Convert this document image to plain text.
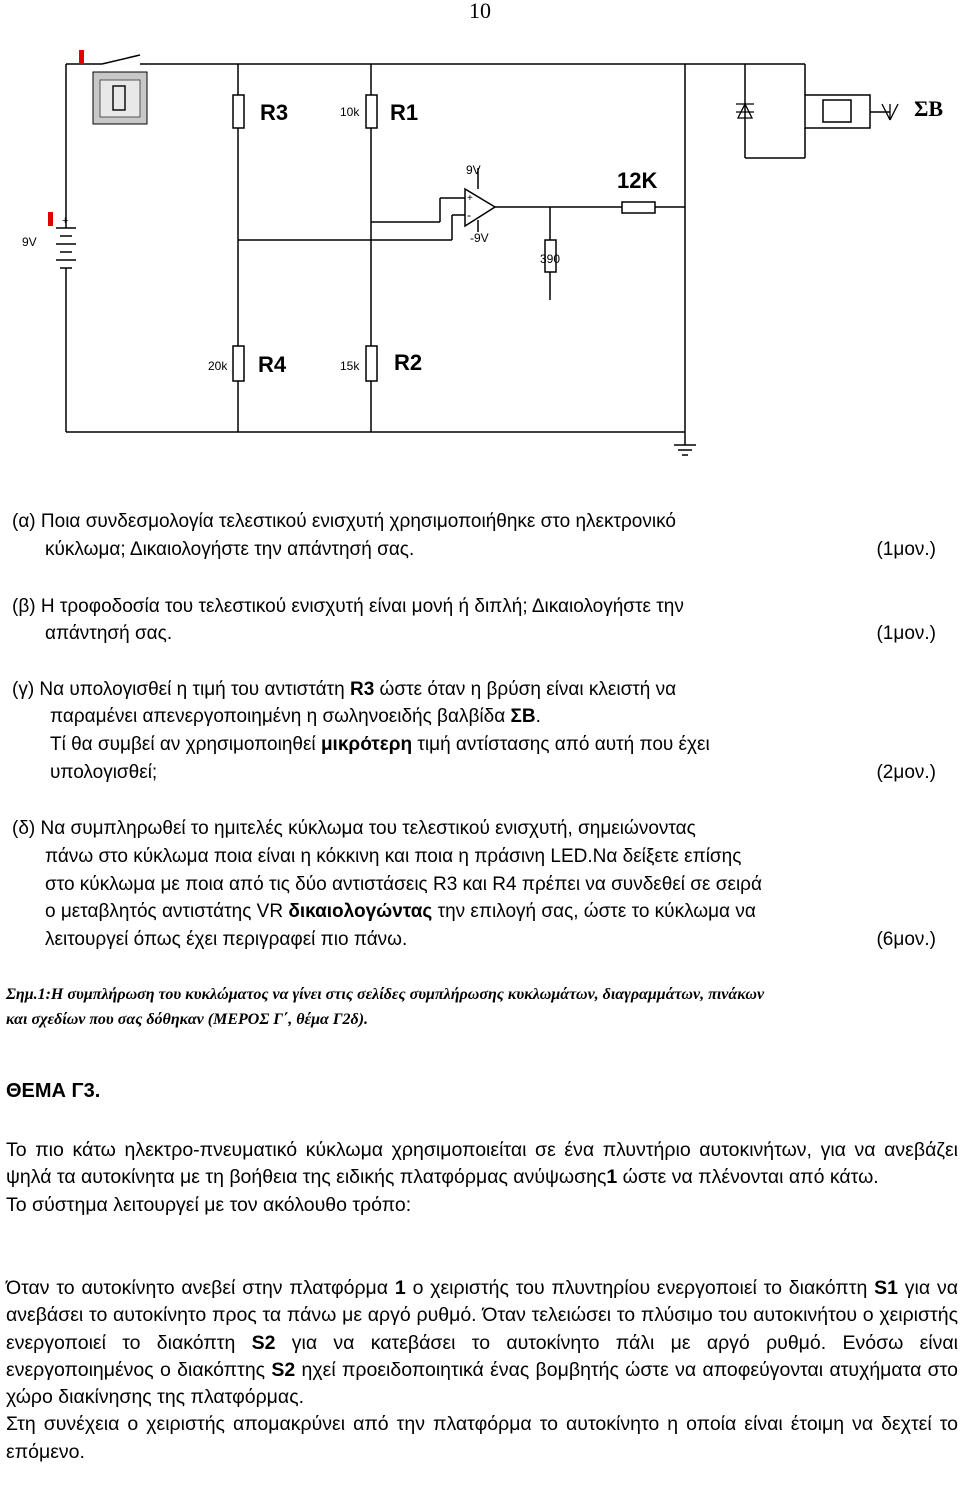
10
+
-
+
R3	10k R1
9V
9V
-9V
12K
390
20k R4	15k R2
ΣΒ
(α) Ποια συνδεσμολογία τελεστικού ενισχυτή χρησιμοποιήθηκε στο ηλεκτρονικό
κύκλωμα; Δικαιολογήστε την απάντησή σας.	(1μον.)
(β) Η τροφοδοσία του τελεστικού ενισχυτή είναι μονή ή διπλή; Δικαιολογήστε την
απάντησή σας.	(1μον.)
(γ) Να υπολογισθεί η τιμή του αντιστάτη R3 ώστε όταν η βρύση είναι κλειστή να
παραμένει απενεργοποιημένη η σωληνοειδής βαλβίδα ΣΒ.
Τί θα συμβεί αν χρησιμοποιηθεί μικρότερη τιμή αντίστασης από αυτή που έχει
υπολογισθεί;	(2μον.)
(δ) Να συμπληρωθεί το ημιτελές κύκλωμα του τελεστικού ενισχυτή, σημειώνοντας
πάνω στο κύκλωμα ποια είναι η κόκκινη και ποια η πράσινη LED.Να δείξετε επίσης
στο κύκλωμα με ποια από τις δύο αντιστάσεις R3 και R4 πρέπει να συνδεθεί σε σειρά
ο μεταβλητός αντιστάτης VR δικαιολογώντας την επιλογή σας, ώστε το κύκλωμα να
λειτουργεί όπως έχει περιγραφεί πιο πάνω.	(6μον.)
Σημ.1:Η συμπλήρωση του κυκλώματος να γίνει στις σελίδες συμπλήρωσης κυκλωμάτων, διαγραμμάτων, πινάκων
και σχεδίων που σας δόθηκαν (ΜΕΡΟΣ Γ΄, θέμα Γ2δ).
ΘΕΜΑ Γ3.

Το πιο κάτω ηλεκτρο-πνευματικό κύκλωμα χρησιμοποιείται σε ένα πλυντήριο αυτοκινήτων, για να ανεβάζει ψηλά τα αυτοκίνητα με τη βοήθεια της ειδικής πλατφόρμας ανύψωσης1 ώστε να πλένονται από κάτω.

Το σύστημα λειτουργεί με τον ακόλουθο τρόπο:

Όταν το αυτοκίνητο ανεβεί στην πλατφόρμα 1 ο χειριστής του πλυντηρίου ενεργοποιεί το διακόπτη S1 για να ανεβάσει το αυτοκίνητο προς τα πάνω με αργό ρυθμό. Όταν τελειώσει το πλύσιμο του αυτοκινήτου ο χειριστής ενεργοποιεί το διακόπτη S2 για να κατεβάσει το αυτοκίνητο πάλι με αργό ρυθμό. Ενόσω είναι ενεργοποιημένος ο διακόπτης S2 ηχεί προειδοποιητικά ένας βομβητής ώστε να αποφεύγονται ατυχήματα στο χώρο διακίνησης της πλατφόρμας.

Στη συνέχεια ο χειριστής απομακρύνει από την πλατφόρμα το αυτοκίνητο η οποία είναι έτοιμη να δεχτεί το επόμενο.
